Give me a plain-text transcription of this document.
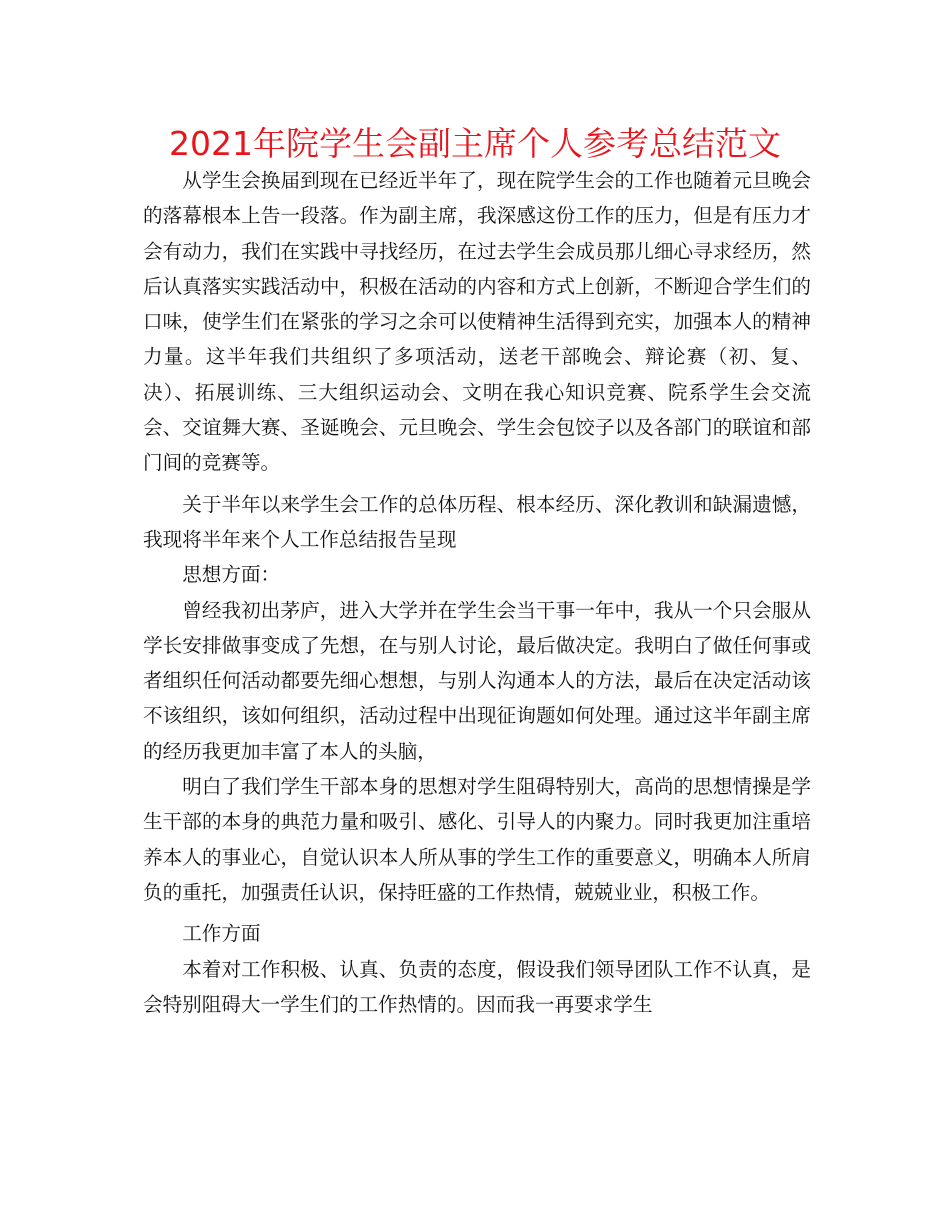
2021年院学生会副主席个人参考总结范文

从学生会换届到现在已经近半年了，现在院学生会的工作也随着元旦晚会的落幕根本上告一段落。作为副主席，我深感这份工作的压力，但是有压力才会有动力，我们在实践中寻找经历，在过去学生会成员那儿细心寻求经历，然后认真落实实践活动中，积极在活动的内容和方式上创新，不断迎合学生们的口味，使学生们在紧张的学习之余可以使精神生活得到充实，加强本人的精神力量。这半年我们共组织了多项活动，送老干部晚会、辩论赛（初、复、决）、拓展训练、三大组织运动会、文明在我心知识竞赛、院系学生会交流会、交谊舞大赛、圣诞晚会、元旦晚会、学生会包饺子以及各部门的联谊和部门间的竞赛等。

关于半年以来学生会工作的总体历程、根本经历、深化教训和缺漏遗憾，我现将半年来个人工作总结报告呈现

思想方面：

曾经我初出茅庐，进入大学并在学生会当干事一年中，我从一个只会服从学长安排做事变成了先想，在与别人讨论，最后做决定。我明白了做任何事或者组织任何活动都要先细心想想，与别人沟通本人的方法，最后在决定活动该不该组织，该如何组织，活动过程中出现征询题如何处理。通过这半年副主席的经历我更加丰富了本人的头脑，

明白了我们学生干部本身的思想对学生阻碍特别大，高尚的思想情操是学生干部的本身的典范力量和吸引、感化、引导人的内聚力。同时我更加注重培养本人的事业心，自觉认识本人所从事的学生工作的重要意义，明确本人所肩负的重托，加强责任认识，保持旺盛的工作热情，兢兢业业，积极工作。

工作方面

本着对工作积极、认真、负责的态度，假设我们领导团队工作不认真，是会特别阻碍大一学生们的工作热情的。因而我一再要求学生
